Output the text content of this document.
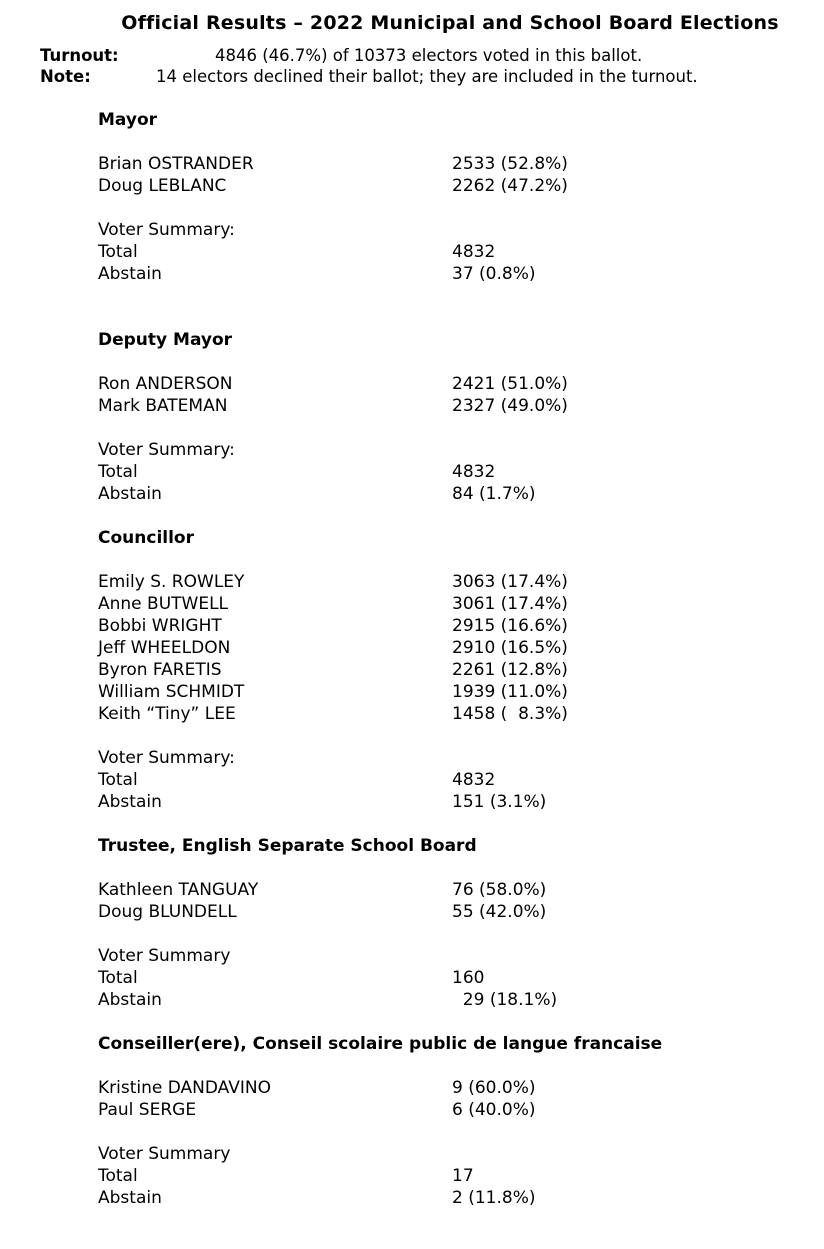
Official Results – 2022 Municipal and School Board Elections
Turnout:	4846 (46.7%) of 10373 electors voted in this ballot.
Note:	14 electors declined their ballot; they are included in the turnout.
Mayor
Brian OSTRANDER	2533 (52.8%)
Doug LEBLANC	2262 (47.2%)
Voter Summary:
Total	4832
Abstain	37 (0.8%)
Deputy Mayor
Ron ANDERSON	2421 (51.0%)
Mark BATEMAN	2327 (49.0%)
Voter Summary:
Total	4832
Abstain	84 (1.7%)
Councillor
Emily S. ROWLEY	3063 (17.4%)
Anne BUTWELL	3061 (17.4%)
Bobbi WRIGHT	2915 (16.6%)
Jeff WHEELDON	2910 (16.5%)
Byron FARETIS	2261 (12.8%)
William SCHMIDT	1939 (11.0%)
Keith “Tiny” LEE	1458 (  8.3%)
Voter Summary:
Total	4832
Abstain	151 (3.1%)
Trustee, English Separate School Board
Kathleen TANGUAY	76 (58.0%)
Doug BLUNDELL	55 (42.0%)
Voter Summary
Total	160
Abstain	29 (18.1%)
Conseiller(ere), Conseil scolaire public de langue francaise
Kristine DANDAVINO	9 (60.0%)
Paul SERGE	6 (40.0%)
Voter Summary
Total	17
Abstain	2 (11.8%)
